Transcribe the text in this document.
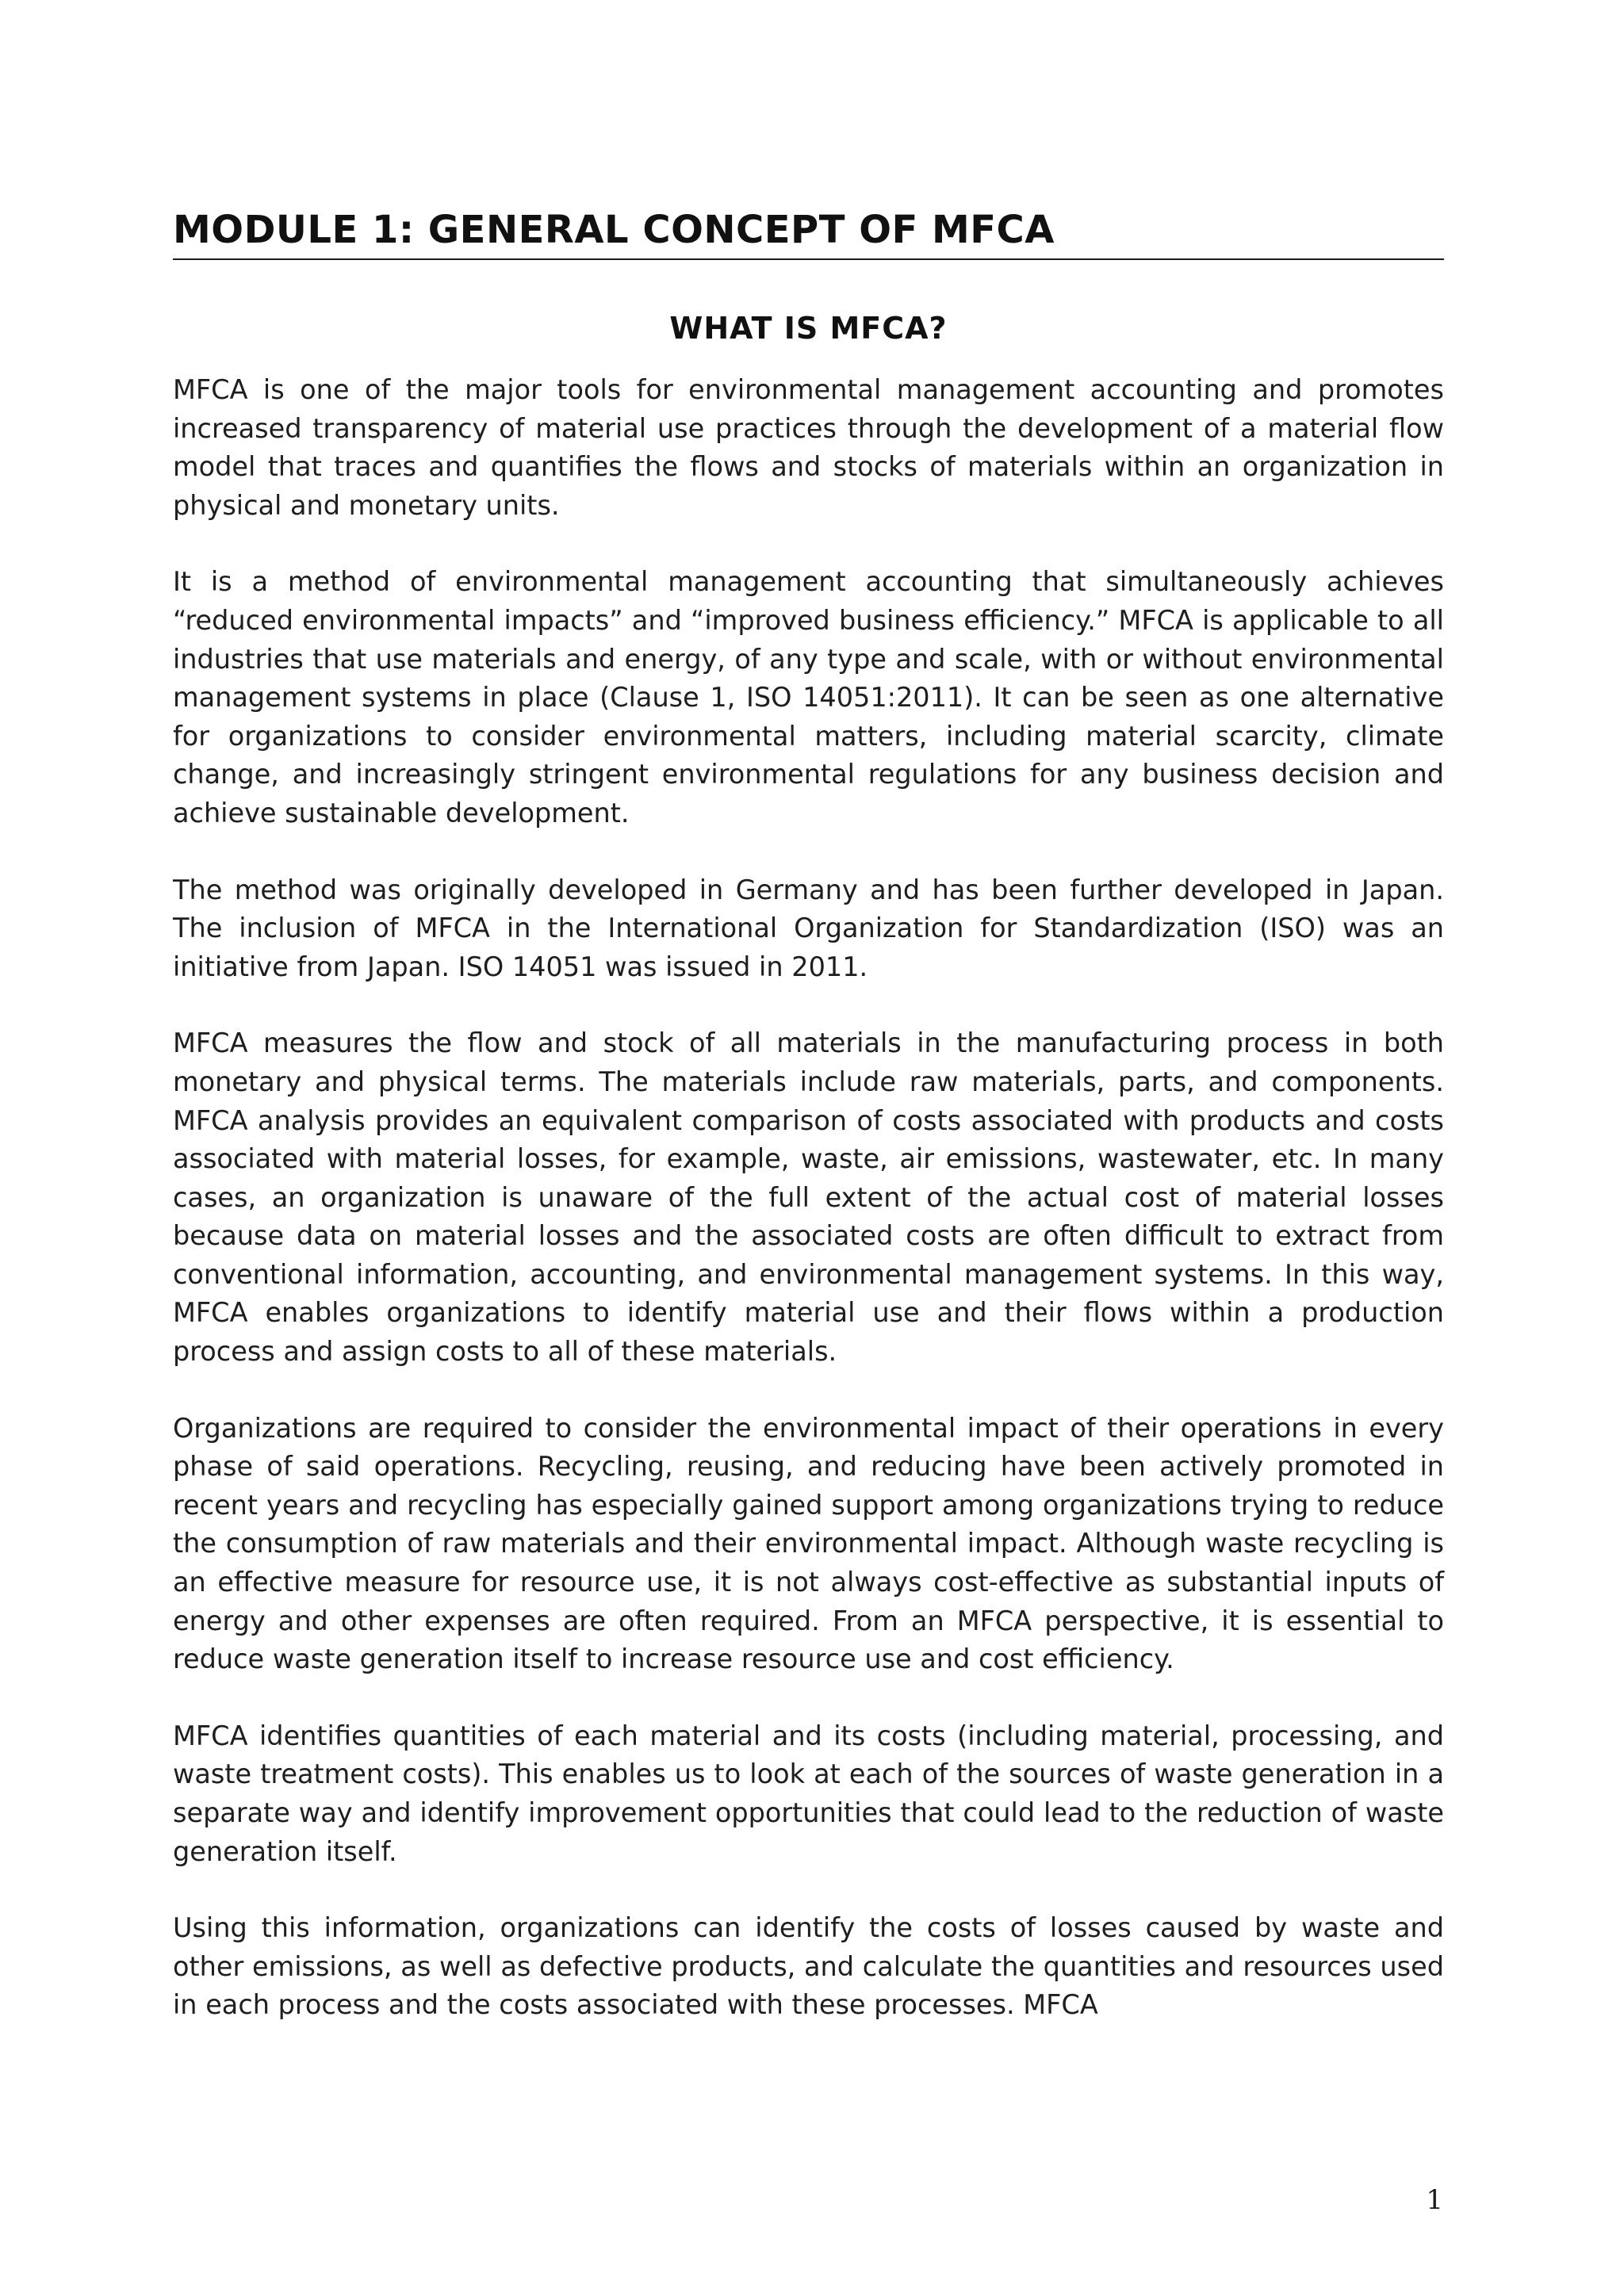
MODULE 1: GENERAL CONCEPT OF MFCA
WHAT IS MFCA?

MFCA is one of the major tools for environmental management accounting and promotes increased transparency of material use practices through the development of a material flow model that traces and quantifies the flows and stocks of materials within an organization in physical and monetary units.

It is a method of environmental management accounting that simultaneously achieves “reduced environmental impacts” and “improved business efficiency.” MFCA is applicable to all industries that use materials and energy, of any type and scale, with or without environmental management systems in place (Clause 1, ISO 14051:2011). It can be seen as one alternative for organizations to consider environmental matters, including material scarcity, climate change, and increasingly stringent environmental regulations for any business decision and achieve sustainable development.

The method was originally developed in Germany and has been further developed in Japan. The inclusion of MFCA in the International Organization for Standardization (ISO) was an initiative from Japan. ISO 14051 was issued in 2011.

MFCA measures the flow and stock of all materials in the manufacturing process in both monetary and physical terms. The materials include raw materials, parts, and components. MFCA analysis provides an equivalent comparison of costs associated with products and costs associated with material losses, for example, waste, air emissions, wastewater, etc. In many cases, an organization is unaware of the full extent of the actual cost of material losses because data on material losses and the associated costs are often difficult to extract from conventional information, accounting, and environmental management systems. In this way, MFCA enables organizations to identify material use and their flows within a production process and assign costs to all of these materials.

Organizations are required to consider the environmental impact of their operations in every phase of said operations. Recycling, reusing, and reducing have been actively promoted in recent years and recycling has especially gained support among organizations trying to reduce the consumption of raw materials and their environmental impact. Although waste recycling is an effective measure for resource use, it is not always cost-effective as substantial inputs of energy and other expenses are often required. From an MFCA perspective, it is essential to reduce waste generation itself to increase resource use and cost efficiency.

MFCA identifies quantities of each material and its costs (including material, processing, and waste treatment costs). This enables us to look at each of the sources of waste generation in a separate way and identify improvement opportunities that could lead to the reduction of waste generation itself.

Using this information, organizations can identify the costs of losses caused by waste and other emissions, as well as defective products, and calculate the quantities and resources used in each process and the costs associated with these processes. MFCA

1
